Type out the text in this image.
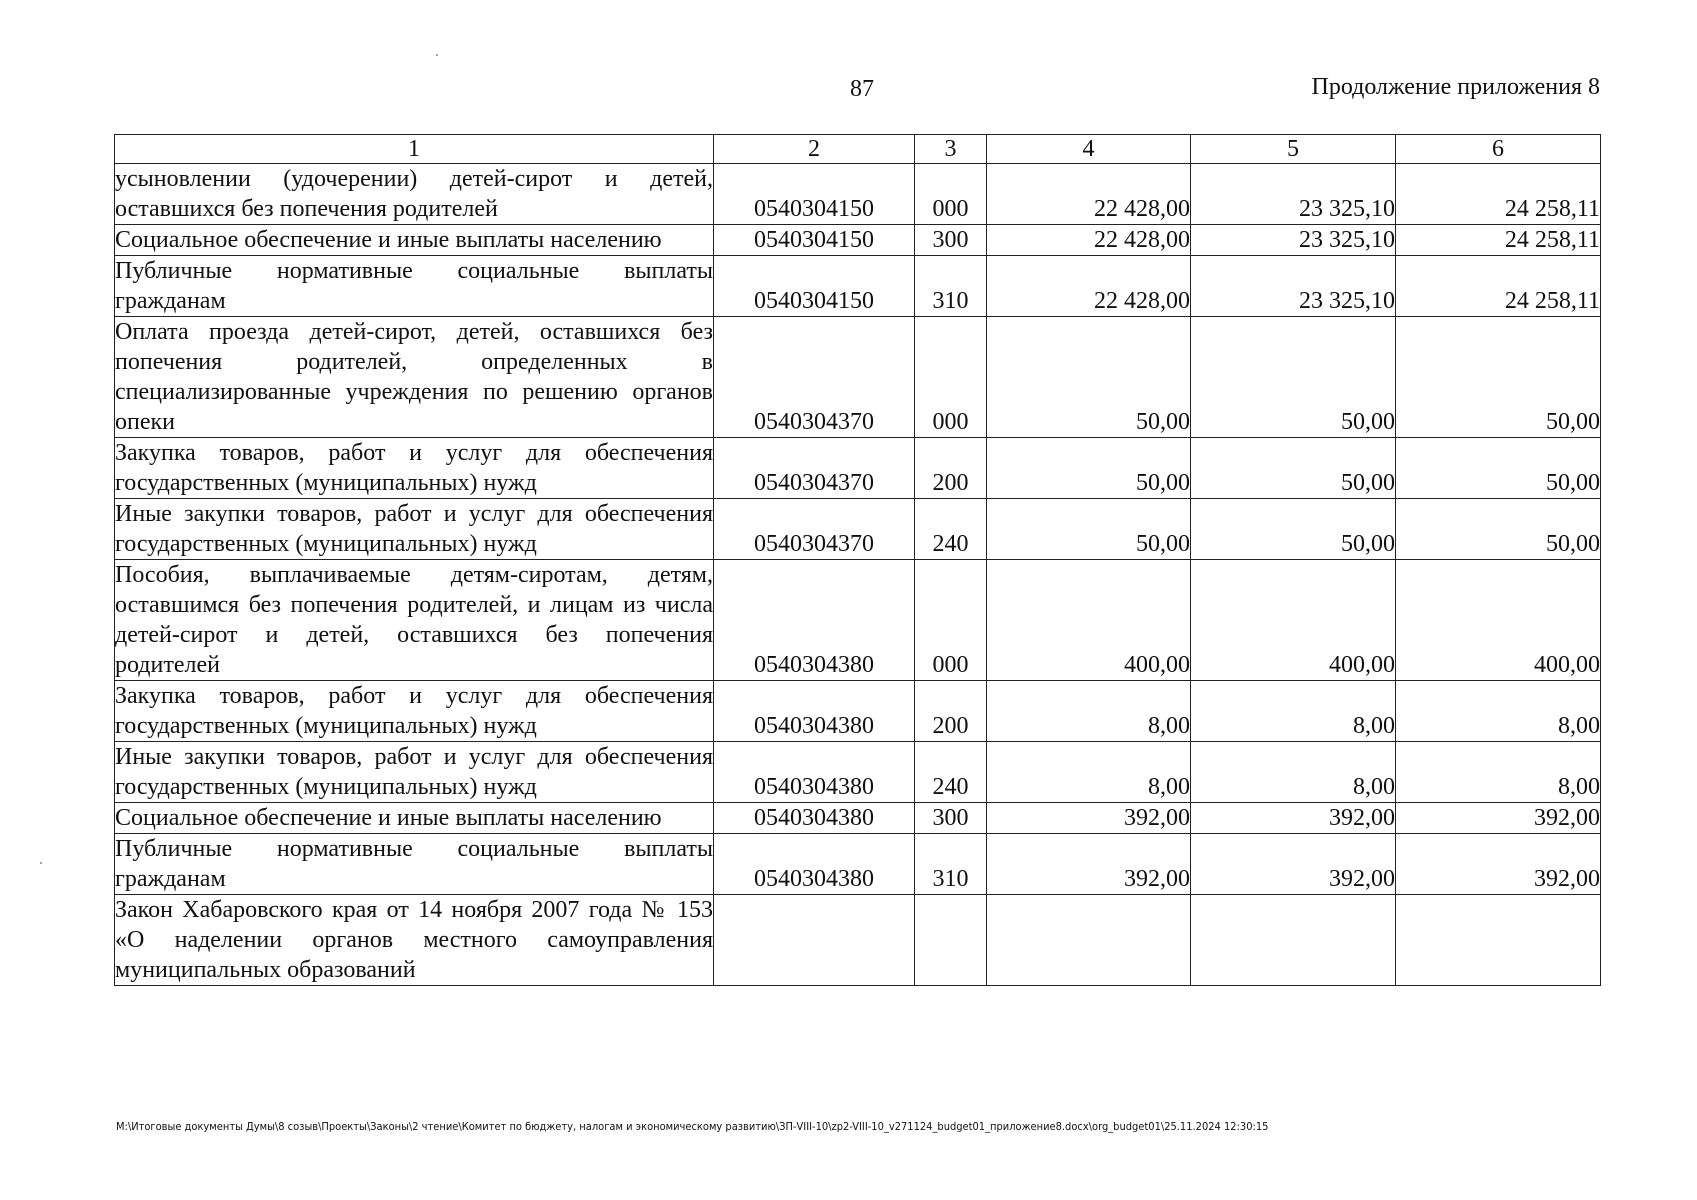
87	Продолжение приложения 8
1	2	3	4	5	6
усыновлении (удочерении) детей-сирот и детей, оставшихся без попечения родителей	0540304150	000	22 428,00	23 325,10	24 258,11
Социальное обеспечение и иные выплаты населению	0540304150	300	22 428,00	23 325,10	24 258,11
Публичные нормативные социальные выплаты гражданам	0540304150	310	22 428,00	23 325,10	24 258,11
Оплата проезда детей-сирот, детей, оставшихся без попечения родителей, определенных в специализированные учреждения по решению органов опеки	0540304370	000	50,00	50,00	50,00
Закупка товаров, работ и услуг для обеспечения государственных (муниципальных) нужд	0540304370	200	50,00	50,00	50,00
Иные закупки товаров, работ и услуг для обеспечения государственных (муниципальных) нужд	0540304370	240	50,00	50,00	50,00
Пособия, выплачиваемые детям-сиротам, детям, оставшимся без попечения родителей, и лицам из числа детей-сирот и детей, оставшихся без попечения родителей	0540304380	000	400,00	400,00	400,00
Закупка товаров, работ и услуг для обеспечения государственных (муниципальных) нужд	0540304380	200	8,00	8,00	8,00
Иные закупки товаров, работ и услуг для обеспечения государственных (муниципальных) нужд	0540304380	240	8,00	8,00	8,00
Социальное обеспечение и иные выплаты населению	0540304380	300	392,00	392,00	392,00
Публичные нормативные социальные выплаты гражданам	0540304380	310	392,00	392,00	392,00
Закон Хабаровского края от 14 ноября 2007 года № 153 «О наделении органов местного самоуправления муниципальных образований					
M:\Итоговые документы Думы\8 созыв\Проекты\Законы\2 чтение\Комитет по бюджету, налогам и экономическому развитию\ЗП-VIII-10\zp2-VIII-10_v271124_budget01_приложение8.docx\org_budget01\25.11.2024 12:30:15
